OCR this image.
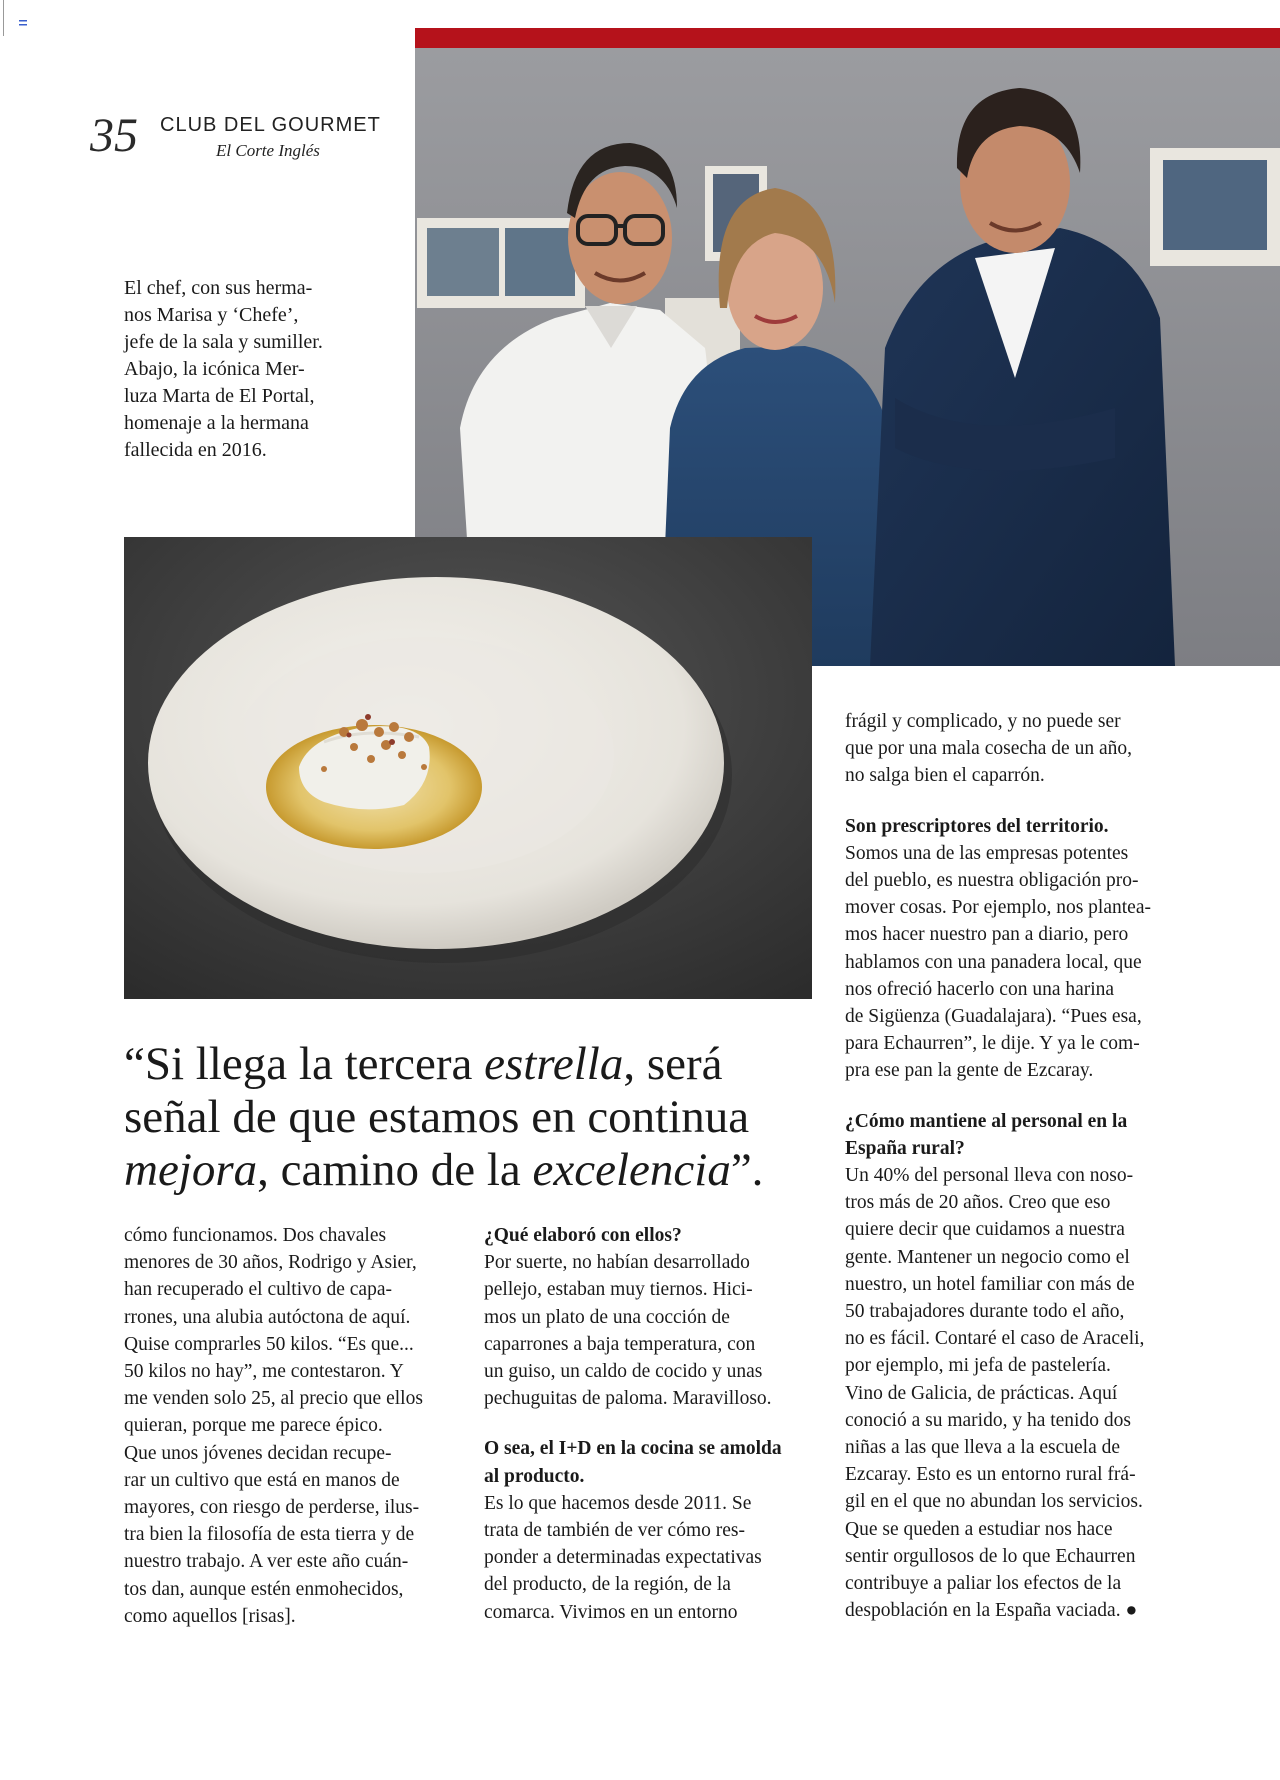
35 CLUB DEL GOURMET
El Corte Inglés
El chef, con sus herma-
nos Marisa y ‘Chefe’,
jefe de la sala y sumiller.
Abajo, la icónica Mer-
luza Marta de El Portal,
homenaje a la hermana
fallecida en 2016.
“Si llega la tercera estrella, será señal de que estamos en continua mejora, camino de la excelencia”.

cómo funcionamos. Dos chavales

menores de 30 años, Rodrigo y Asier,

han recuperado el cultivo de capa-

rrones, una alubia autóctona de aquí.

Quise comprarles 50 kilos. “Es que...

50 kilos no hay”, me contestaron. Y

me venden solo 25, al precio que ellos

quieran, porque me parece épico.

Que unos jóvenes decidan recupe-

rar un cultivo que está en manos de

mayores, con riesgo de perderse, ilus-

tra bien la filosofía de esta tierra y de

nuestro trabajo. A ver este año cuán-

tos dan, aunque estén enmohecidos,

como aquellos [risas].

¿Qué elaboró con ellos?

Por suerte, no habían desarrollado

pellejo, estaban muy tiernos. Hici-

mos un plato de una cocción de

caparrones a baja temperatura, con

un guiso, un caldo de cocido y unas

pechuguitas de paloma. Maravilloso.

O sea, el I+D en la cocina se amolda

al producto.

Es lo que hacemos desde 2011. Se

trata de también de ver cómo res-

ponder a determinadas expectativas

del producto, de la región, de la

comarca. Vivimos en un entorno

frágil y complicado, y no puede ser

que por una mala cosecha de un año,

no salga bien el caparrón.

Son prescriptores del territorio.

Somos una de las empresas potentes

del pueblo, es nuestra obligación pro-

mover cosas. Por ejemplo, nos plantea-

mos hacer nuestro pan a diario, pero

hablamos con una panadera local, que

nos ofreció hacerlo con una harina

de Sigüenza (Guadalajara). “Pues esa,

para Echaurren”, le dije. Y ya le com-

pra ese pan la gente de Ezcaray.

¿Cómo mantiene al personal en la

España rural?

Un 40% del personal lleva con noso-

tros más de 20 años. Creo que eso

quiere decir que cuidamos a nuestra

gente. Mantener un negocio como el

nuestro, un hotel familiar con más de

50 trabajadores durante todo el año,

no es fácil. Contaré el caso de Araceli,

por ejemplo, mi jefa de pastelería.

Vino de Galicia, de prácticas. Aquí

conoció a su marido, y ha tenido dos

niñas a las que lleva a la escuela de

Ezcaray. Esto es un entorno rural frá-

gil en el que no abundan los servicios.

Que se queden a estudiar nos hace

sentir orgullosos de lo que Echaurren

contribuye a paliar los efectos de la

despoblación en la España vaciada. ●
